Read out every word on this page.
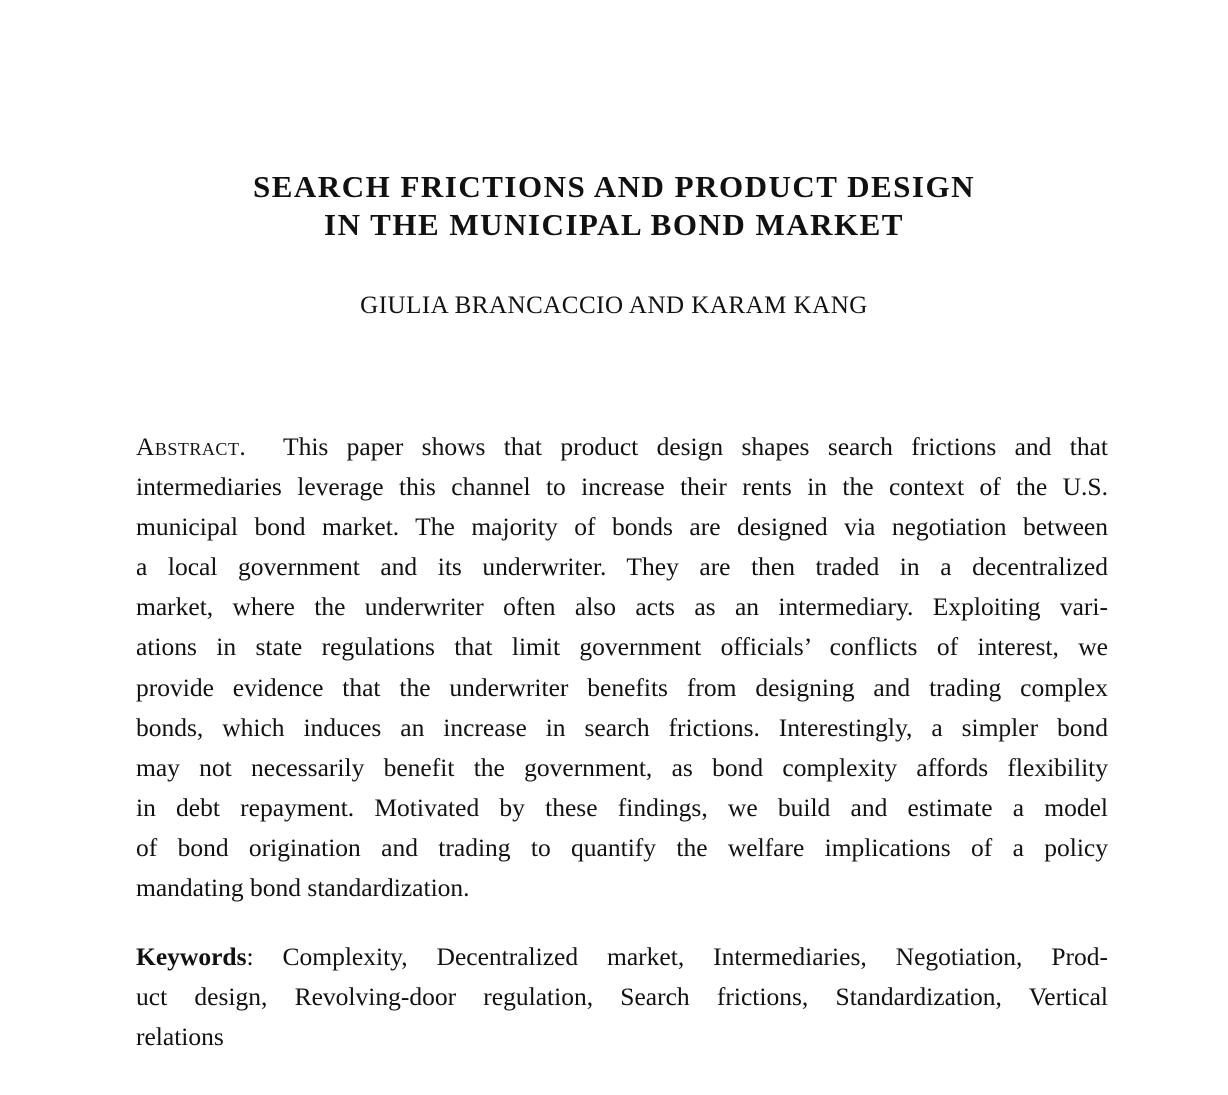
SEARCH FRICTIONS AND PRODUCT DESIGN
IN THE MUNICIPAL BOND MARKET
GIULIA BRANCACCIO AND KARAM KANG
Abstract. This paper shows that product design shapes search frictions and that
intermediaries leverage this channel to increase their rents in the context of the U.S.
municipal bond market. The majority of bonds are designed via negotiation between
a local government and its underwriter. They are then traded in a decentralized
market, where the underwriter often also acts as an intermediary. Exploiting vari-
ations in state regulations that limit government officials’ conflicts of interest, we
provide evidence that the underwriter benefits from designing and trading complex
bonds, which induces an increase in search frictions. Interestingly, a simpler bond
may not necessarily benefit the government, as bond complexity affords flexibility
in debt repayment. Motivated by these findings, we build and estimate a model
of bond origination and trading to quantify the welfare implications of a policy
mandating bond standardization.
Keywords: Complexity, Decentralized market, Intermediaries, Negotiation, Prod-
uct design, Revolving-door regulation, Search frictions, Standardization, Vertical
relations
